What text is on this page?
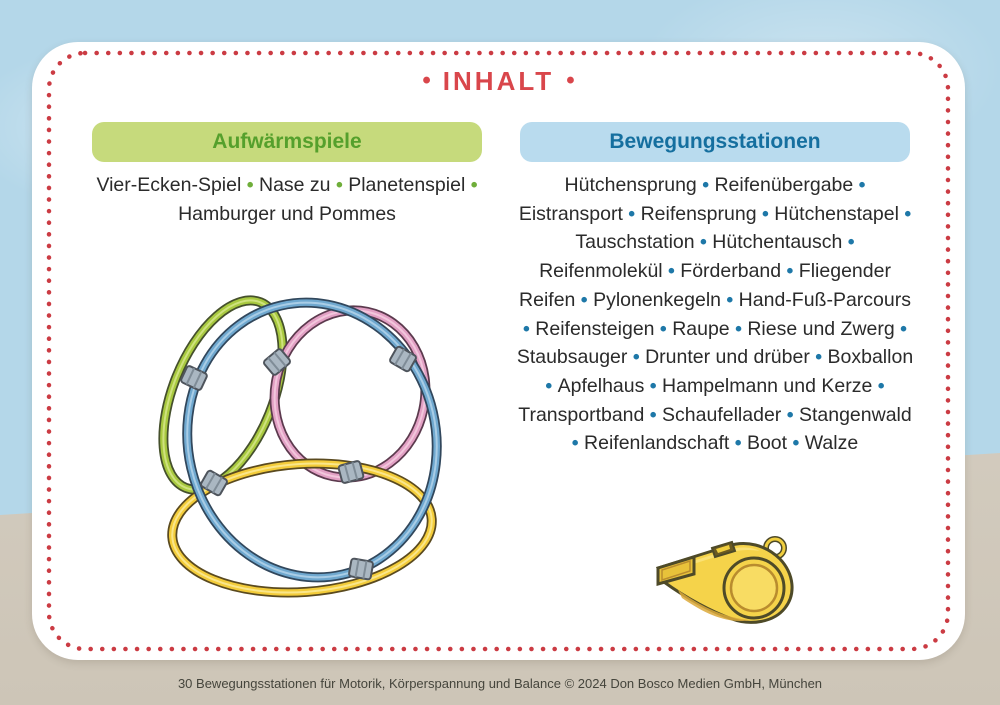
• INHALT •
Aufwärmspiele	Bewegungsstationen
Vier-Ecken-Spiel • Nase zu • Planetenspiel • Hamburger und Pommes
Hütchensprung • Reifenübergabe • Eistransport • Reifensprung • Hütchenstapel • Tauschstation • Hütchentausch • Reifenmolekül • Förderband • Fliegender Reifen • Pylonenkegeln • Hand-Fuß-Parcours • Reifensteigen • Raupe • Riese und Zwerg • Staubsauger • Drunter und drüber • Boxballon • Apfelhaus • Hampelmann und Kerze • Transportband • Schaufellader • Stangenwald • Reifenlandschaft • Boot • Walze
30 Bewegungsstationen für Motorik, Körperspannung und Balance © 2024 Don Bosco Medien GmbH, München
